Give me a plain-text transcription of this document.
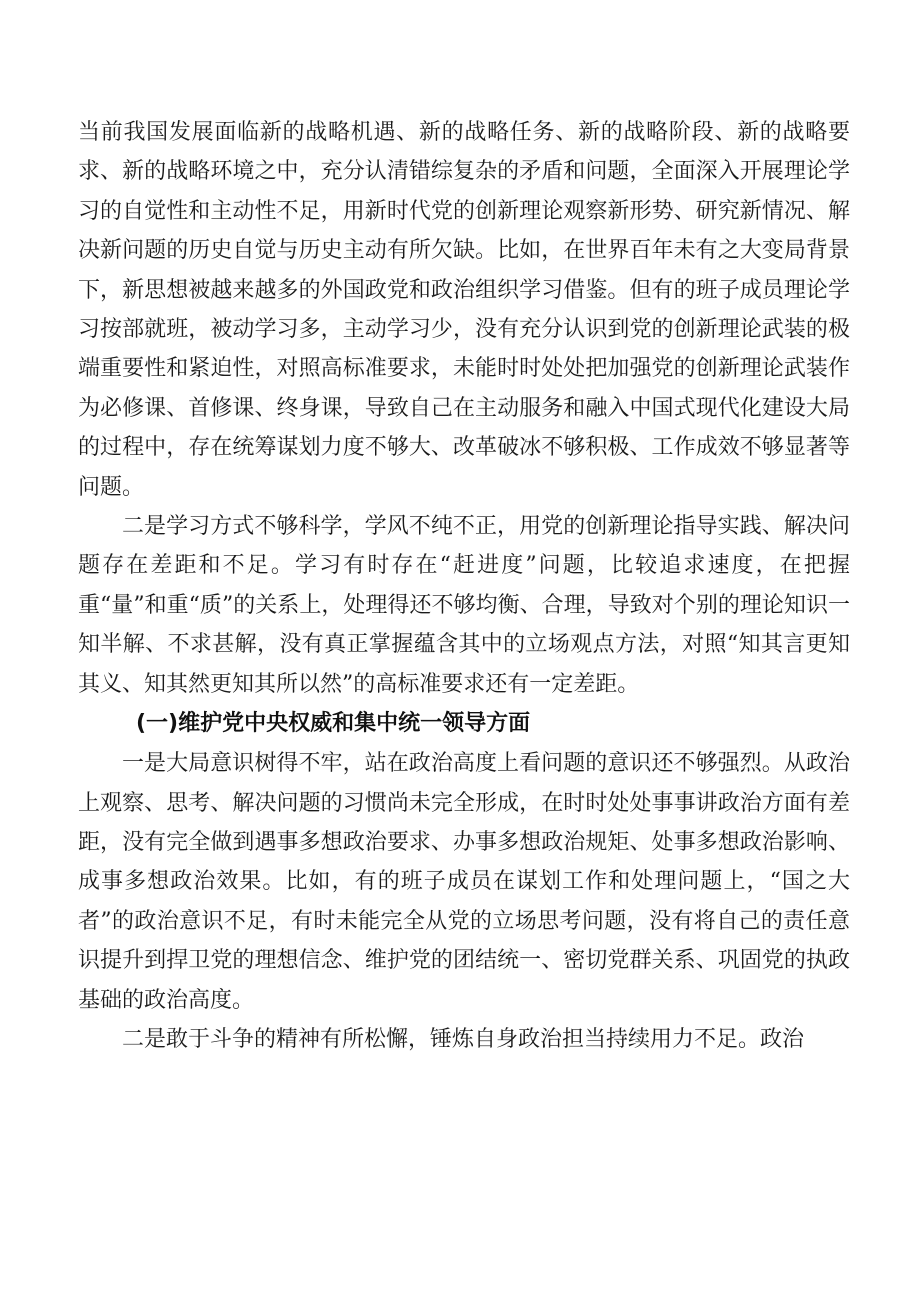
当前我国发展面临新的战略机遇、新的战略任务、新的战略阶段、新的战略要求、新的战略环境之中，充分认清错综复杂的矛盾和问题，全面深入开展理论学习的自觉性和主动性不足，用新时代党的创新理论观察新形势、研究新情况、解决新问题的历史自觉与历史主动有所欠缺。比如，在世界百年未有之大变局背景下，新思想被越来越多的外国政党和政治组织学习借鉴。但有的班子成员理论学习按部就班，被动学习多，主动学习少，没有充分认识到党的创新理论武装的极端重要性和紧迫性，对照高标准要求，未能时时处处把加强党的创新理论武装作为必修课、首修课、终身课，导致自己在主动服务和融入中国式现代化建设大局的过程中，存在统筹谋划力度不够大、改革破冰不够积极、工作成效不够显著等问题。

二是学习方式不够科学，学风不纯不正，用党的创新理论指导实践、解决问题存在差距和不足。学习有时存在“赶进度”问题，比较追求速度，在把握重“量”和重“质”的关系上，处理得还不够均衡、合理，导致对个别的理论知识一知半解、不求甚解，没有真正掌握蕴含其中的立场观点方法，对照“知其言更知其义、知其然更知其所以然”的高标准要求还有一定差距。

(一)维护党中央权威和集中统一领导方面

一是大局意识树得不牢，站在政治高度上看问题的意识还不够强烈。从政治上观察、思考、解决问题的习惯尚未完全形成，在时时处处事事讲政治方面有差距，没有完全做到遇事多想政治要求、办事多想政治规矩、处事多想政治影响、成事多想政治效果。比如，有的班子成员在谋划工作和处理问题上，“国之大者”的政治意识不足，有时未能完全从党的立场思考问题，没有将自己的责任意识提升到捍卫党的理想信念、维护党的团结统一、密切党群关系、巩固党的执政基础的政治高度。

二是敢于斗争的精神有所松懈，锤炼自身政治担当持续用力不足。政治
